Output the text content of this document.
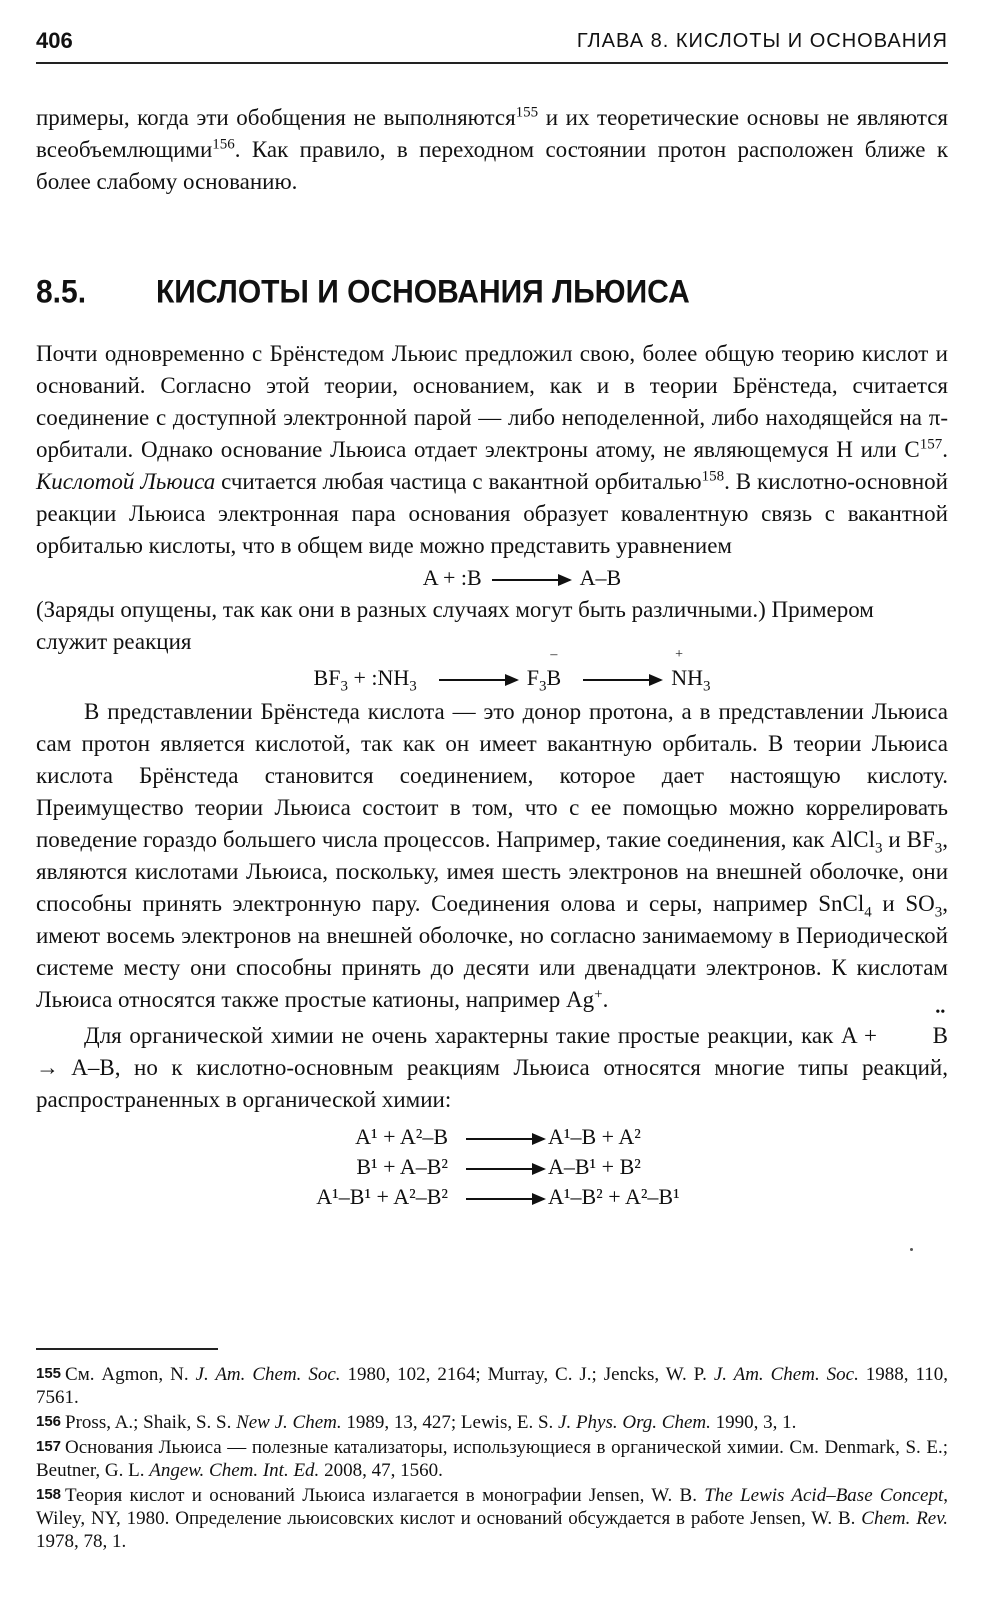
406	ГЛАВА 8. КИСЛОТЫ И ОСНОВАНИЯ

примеры, когда эти обобщения не выполняются$^{155}$ и их теоретические основы не являются всеобъемлющими$^{156}$. Как правило, в переходном состоянии протон расположен ближе к более слабому основанию.

8.5. КИСЛОТЫ И ОСНОВАНИЯ ЛЬЮИСА

Почти одновременно с Брёнстедом Льюис предложил свою, более общую теорию кислот и оснований. Согласно этой теории, основанием, как и в теории Брёнстеда, считается соединение с доступной электронной парой — либо неподеленной, либо находящейся на π-орбитали. Однако основание Льюиса отдает электроны атому, не являющемуся H или $C^{157}$. Кислотой Льюиса считается любая частица с вакантной орбиталью$^{158}$. В кислотно-основной реакции Льюиса электронная пара основания образует ковалентную связь с вакантной орбиталью кислоты, что в общем виде можно представить уравнением

A + :B → A–B

(Заряды опущены, так как они в разных случаях могут быть различными.) Примером служит реакция

$BF_3$ + $:NH_3 \to F_3$
–
B →
+
$NH_3$

В представлении Брёнстеда кислота — это донор протона, а в представлении Льюиса сам протон является кислотой, так как он имеет вакантную орбиталь. В теории Льюиса кислота Брёнстеда становится соединением, которое дает настоящую кислоту. Преимущество теории Льюиса состоит в том, что с ее помощью можно коррелировать поведение гораздо большего числа процессов. Например, такие соединения, как AlCl$_3$ и $BF_3$, являются кислотами Льюиса, поскольку, имея шесть электронов на внешней оболочке, они способны принять электронную пару. Соединения олова и серы, например SnCl$_4$ и $SO_3$, имеют восемь электронов на внешней оболочке, но согласно занимаемому в Периодической системе месту они способны принять до десяти или двенадцати электронов. К кислотам Льюиса относятся также простые катионы, например Ag+.

Для органической химии не очень характерны такие простые реакции, как A +
••
B → A–B, но к кислотно-основным реакциям Льюиса относятся многие типы реакций, распространенных в органической химии:

A¹ + A²–B	A¹–B + A²
B¹ + A–B²	A–B¹ + B²
A¹–B¹ + A²–B²	A¹–B² + A²–B¹
155 См. Agmon, N. J. Am. Chem. Soc. 1980, 102, 2164; Murray, C. J.; Jencks, W. P. J. Am. Chem. Soc. 1988, 110, 7561.
156 Pross, A.; Shaik, S. S. New J. Chem. 1989, 13, 427; Lewis, E. S. J. Phys. Org. Chem. 1990, 3, 1.
157 Основания Льюиса — полезные катализаторы, использующиеся в органической химии. См. Denmark, S. E.; Beutner, G. L. Angew. Chem. Int. Ed. 2008, 47, 1560.
158 Теория кислот и оснований Льюиса излагается в монографии Jensen, W. B. The Lewis Acid–Base Concept, Wiley, NY, 1980. Определение льюисовских кислот и оснований обсуждается в работе Jensen, W. B. Chem. Rev. 1978, 78, 1.
